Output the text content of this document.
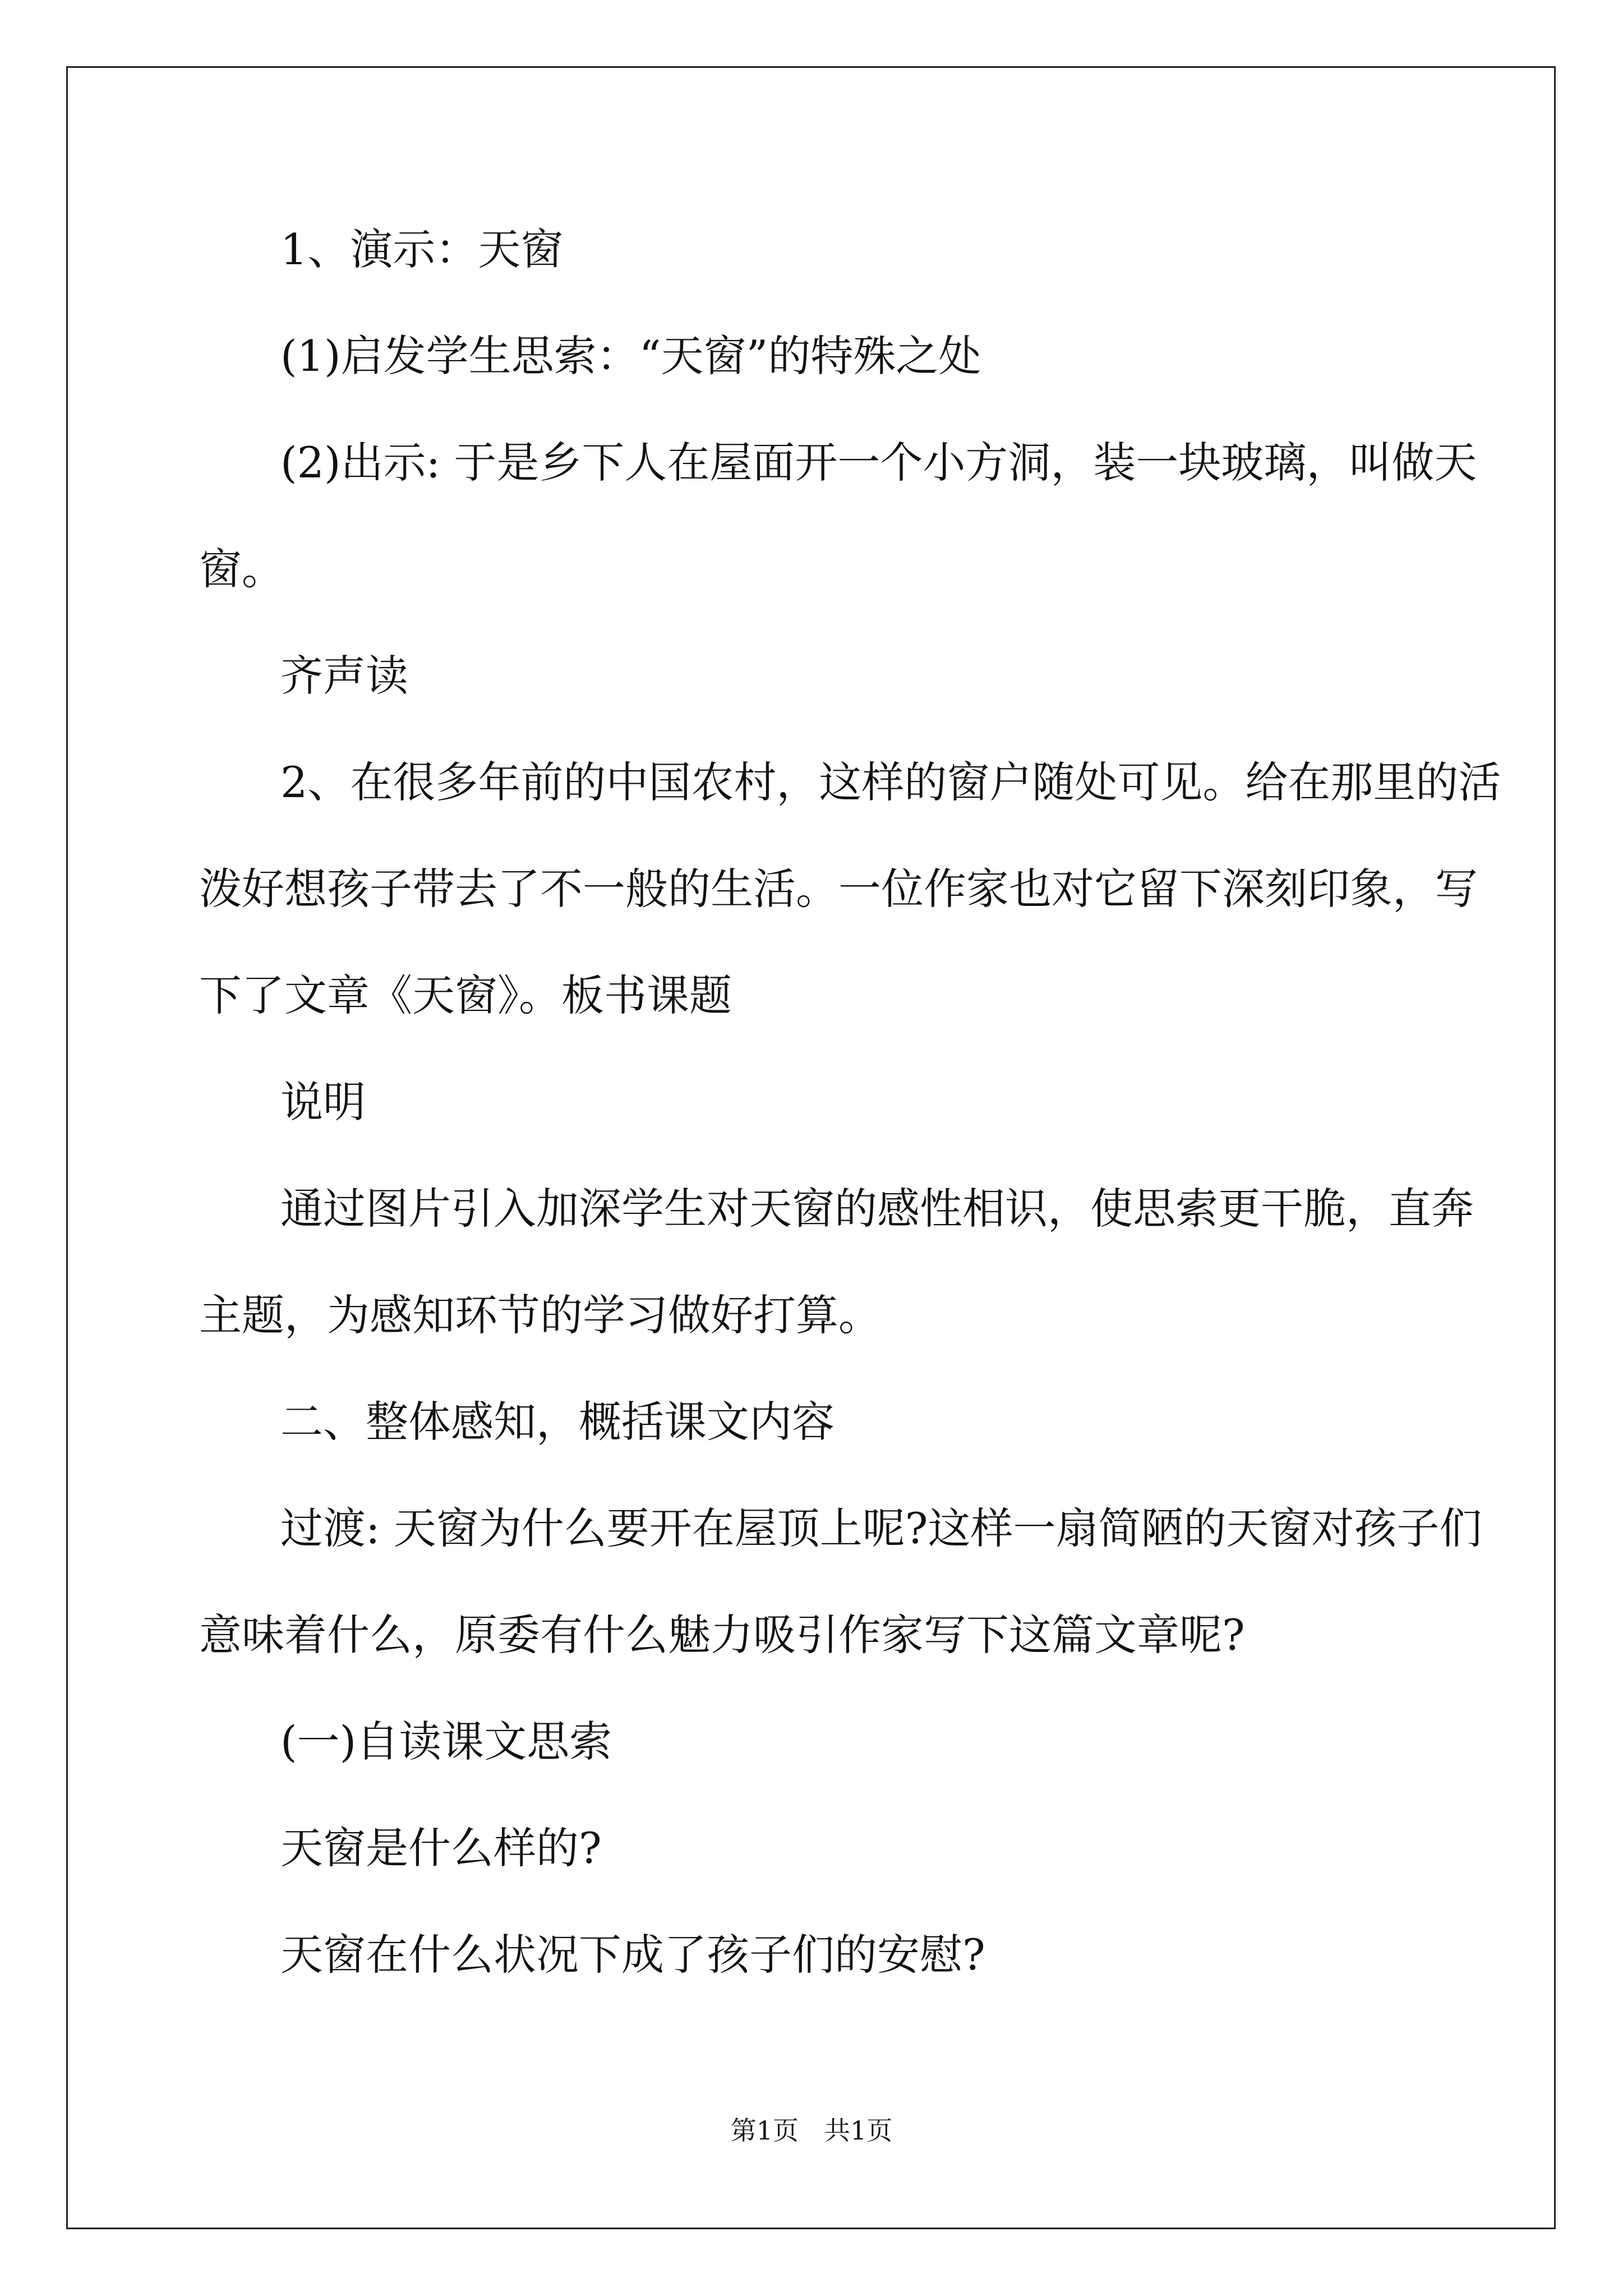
1、演示：天窗

(1)启发学生思索：“天窗”的特殊之处

(2)出示: 于是乡下人在屋面开一个小方洞，装一块玻璃，叫做天

窗。

齐声读

2、在很多年前的中国农村，这样的窗户随处可见。给在那里的活

泼好想孩子带去了不一般的生活。一位作家也对它留下深刻印象，写

下了文章《天窗》。板书课题

说明

通过图片引入加深学生对天窗的感性相识，使思索更干脆，直奔

主题，为感知环节的学习做好打算。

二、整体感知，概括课文内容

过渡: 天窗为什么要开在屋顶上呢?这样一扇简陋的天窗对孩子们

意味着什么，原委有什么魅力吸引作家写下这篇文章呢?

(一)自读课文思索

天窗是什么样的?

天窗在什么状况下成了孩子们的安慰?

第1页　共1页
